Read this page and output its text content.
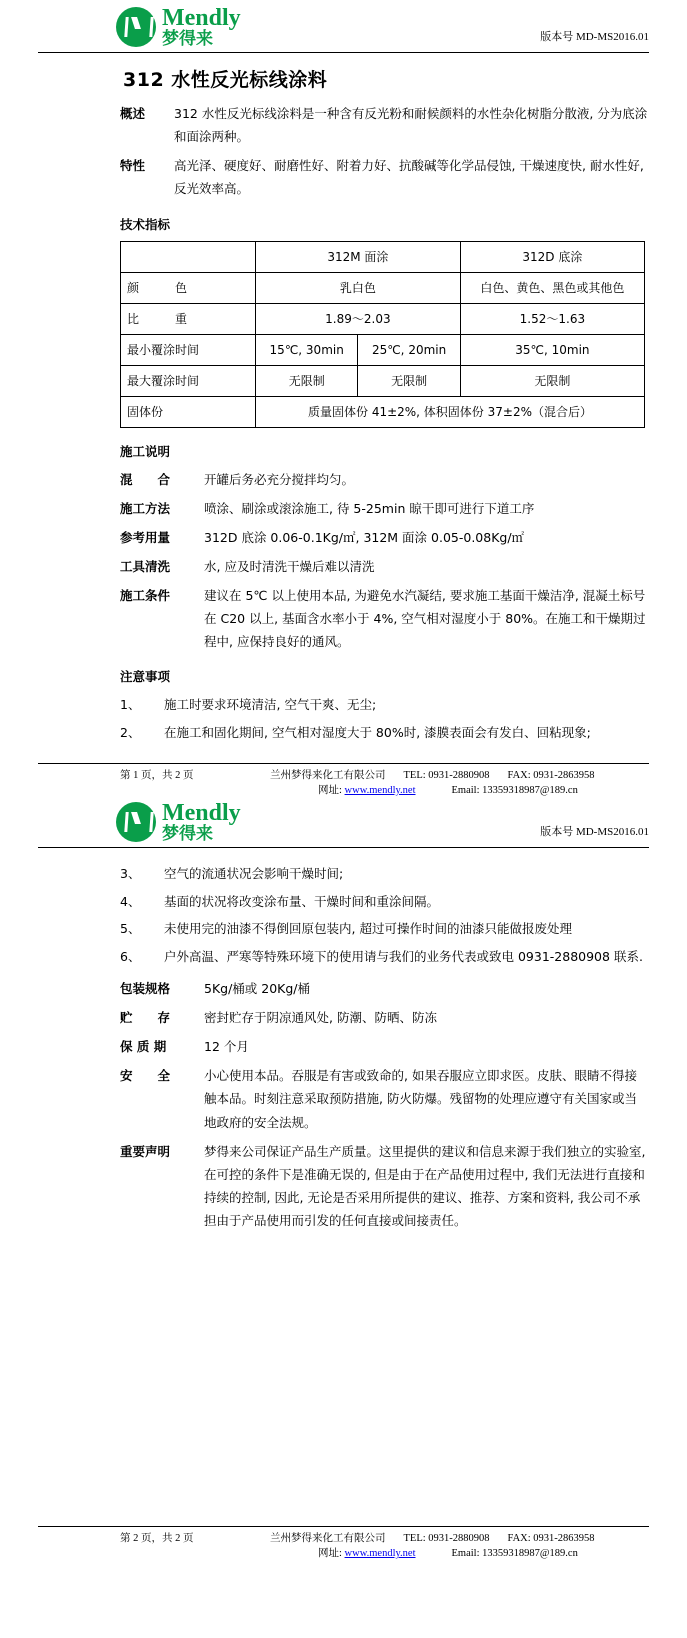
Mendly
梦得来	版本号 MD-MS2016.01
312 水性反光标线涂料
概述	312 水性反光标线涂料是一种含有反光粉和耐候颜料的水性杂化树脂分散液, 分为底涂和面涂两种。
特性	高光泽、硬度好、耐磨性好、附着力好、抗酸碱等化学品侵蚀, 干燥速度快, 耐水性好, 反光效率高。
技术指标
	312M 面涂		312D 底涂
颜　　色	乳白色		白色、黄色、黑色或其他色
比　　重	1.89～2.03		1.52～1.63
最小覆涂时间	15℃, 30min	25℃, 20min	35℃, 10min
最大覆涂时间	无限制	无限制	无限制
固体份	质量固体份 41±2%, 体积固体份 37±2%（混合后）		
施工说明
混　　合	开罐后务必充分搅拌均匀。
施工方法	喷涂、刷涂或滚涂施工, 待 5-25min 晾干即可进行下道工序
参考用量	312D 底涂 0.06-0.1Kg/㎡, 312M 面涂 0.05-0.08Kg/㎡
工具清洗	水, 应及时清洗干燥后难以清洗
施工条件	建议在 5℃ 以上使用本品, 为避免水汽凝结, 要求施工基面干燥洁净, 混凝土标号在 C20 以上, 基面含水率小于 4%, 空气相对湿度小于 80%。在施工和干燥期过程中, 应保持良好的通风。
注意事项
1、	施工时要求环境清洁, 空气干爽、无尘;
2、	在施工和固化期间, 空气相对湿度大于 80%时, 漆膜表面会有发白、回粘现象;
第 1 页，共 2 页	兰州梦得来化工有限公司 TEL: 0931-2880908 FAX: 0931-2863958
网址: www.mendly.net	Email: 13359318987@189.cn
Mendly
梦得来	版本号 MD-MS2016.01
3、	空气的流通状况会影响干燥时间;
4、	基面的状况将改变涂布量、干燥时间和重涂间隔。
5、	未使用完的油漆不得倒回原包装内, 超过可操作时间的油漆只能做报废处理
6、	户外高温、严寒等特殊环境下的使用请与我们的业务代表或致电 0931-2880908 联系.
包装规格	5Kg/桶或 20Kg/桶
贮　　存	密封贮存于阴凉通风处, 防潮、防晒、防冻
保 质 期	12 个月
安　　全	小心使用本品。吞服是有害或致命的, 如果吞服应立即求医。皮肤、眼睛不得接触本品。时刻注意采取预防措施, 防火防爆。残留物的处理应遵守有关国家或当地政府的安全法规。
重要声明	梦得来公司保证产品生产质量。这里提供的建议和信息来源于我们独立的实验室, 在可控的条件下是准确无误的, 但是由于在产品使用过程中, 我们无法进行直接和持续的控制, 因此, 无论是否采用所提供的建议、推荐、方案和资料, 我公司不承担由于产品使用而引发的任何直接或间接责任。
第 2 页，共 2 页	兰州梦得来化工有限公司 TEL: 0931-2880908 FAX: 0931-2863958
网址: www.mendly.net	Email: 13359318987@189.cn
